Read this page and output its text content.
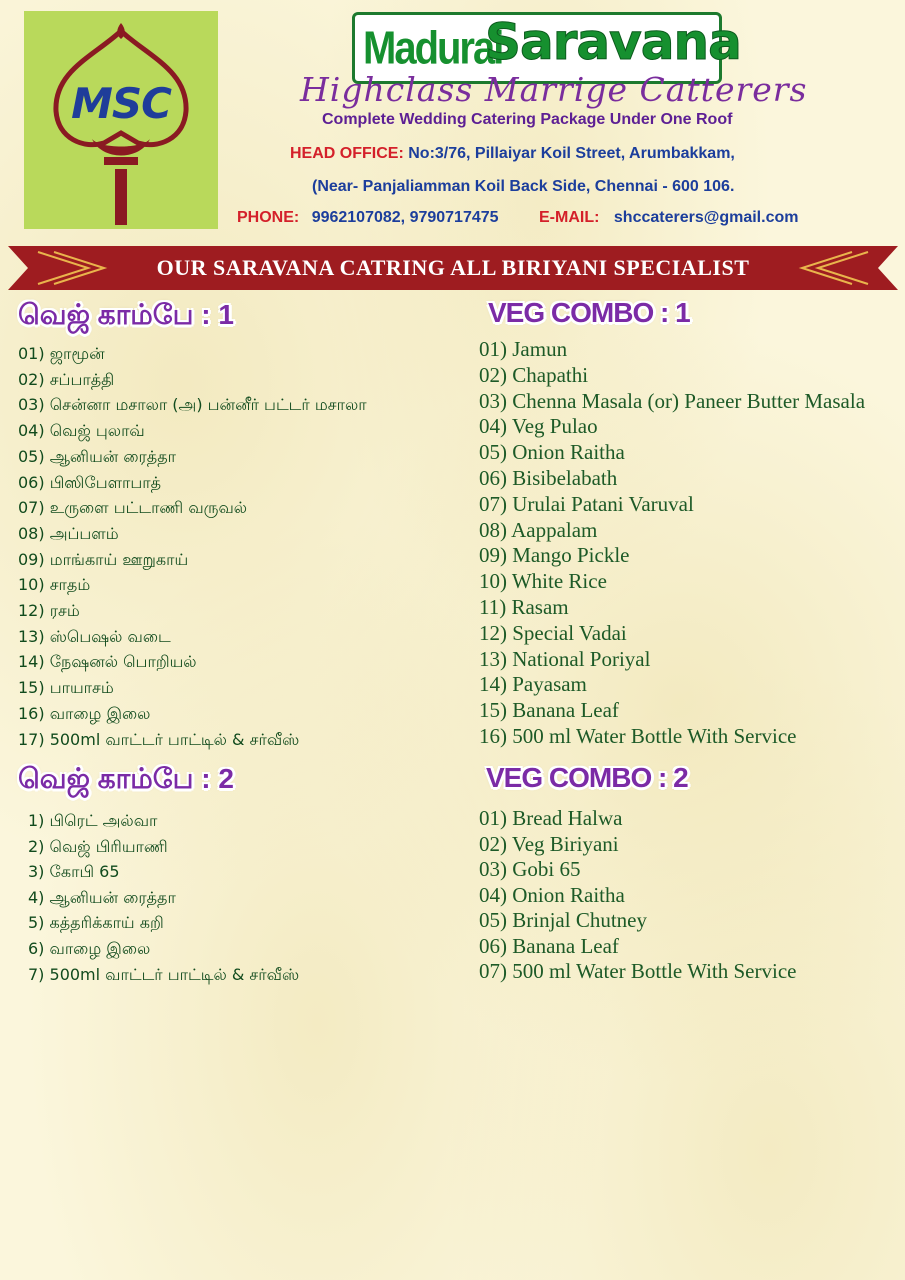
MSC
Madurai
Saravana
Highclass Marrige Catterers
Complete Wedding Catering Package Under One Roof
HEAD OFFICE: No:3/76, Pillaiyar Koil Street, Arumbakkam,
(Near- Panjaliamman Koil Back Side, Chennai - 600 106.
PHONE: 9962107082, 9790717475	E-MAIL: shccaterers@gmail.com
OUR SARAVANA CATRING ALL BIRIYANI SPECIALIST
வெஜ் காம்பே : 1	VEG COMBO : 1
01) ஜாமூன்
02) சப்பாத்தி
03) சென்னா மசாலா (அ) பன்னீர் பட்டர் மசாலா
04) வெஜ் புலாவ்
05) ஆனியன் ரைத்தா
06) பிஸிபேளாபாத்
07) உருளை பட்டாணி வருவல்
08) அப்பளம்
09) மாங்காய் ஊறுகாய்
10) சாதம்
12) ரசம்
13) ஸ்பெஷல் வடை
14) நேஷனல் பொறியல்
15) பாயாசம்
16) வாழை இலை
17) 500ml வாட்டர் பாட்டில் & சர்வீஸ்
01) Jamun
02) Chapathi
03) Chenna Masala (or) Paneer Butter Masala
04) Veg Pulao
05) Onion Raitha
06) Bisibelabath
07) Urulai Patani Varuval
08) Aappalam
09) Mango Pickle
10) White Rice
11) Rasam
12) Special Vadai
13) National Poriyal
14) Payasam
15) Banana Leaf
16) 500 ml Water Bottle With Service
வெஜ் காம்பே : 2	VEG COMBO : 2
1) பிரெட் அல்வா
2) வெஜ் பிரியாணி
3) கோபி 65
4) ஆனியன் ரைத்தா
5) கத்தரிக்காய் கறி
6) வாழை இலை
7) 500ml வாட்டர் பாட்டில் & சர்வீஸ்
01) Bread Halwa
02) Veg Biriyani
03) Gobi 65
04) Onion Raitha
05) Brinjal Chutney
06) Banana Leaf
07) 500 ml Water Bottle With Service
